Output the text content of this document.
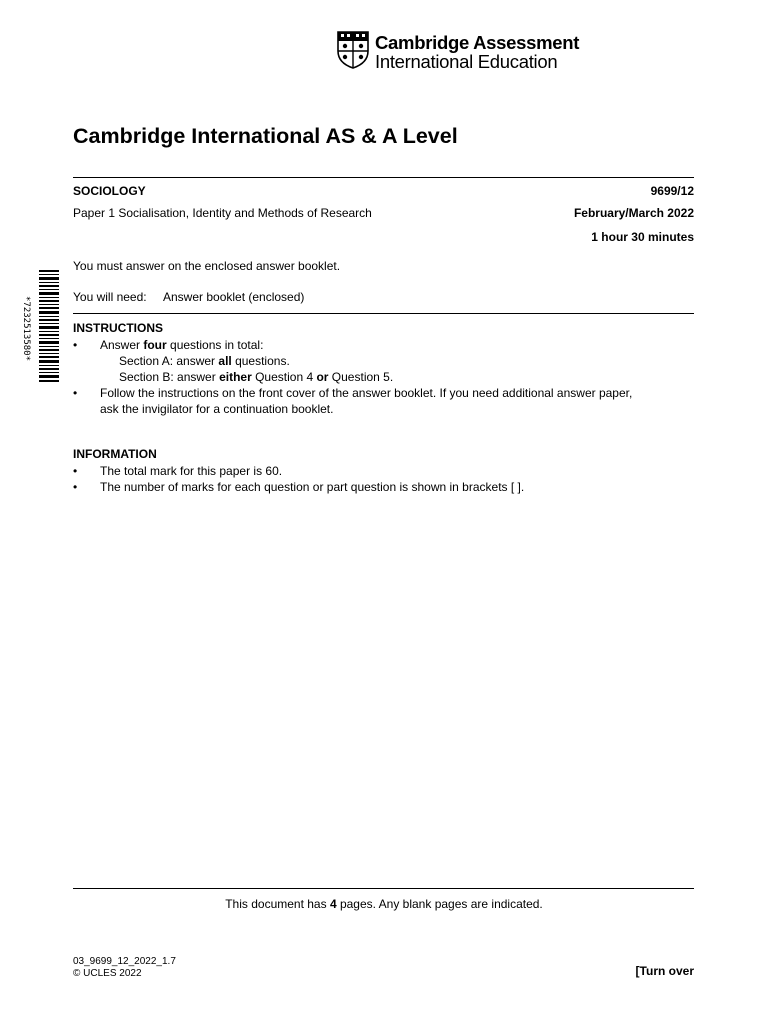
Cambridge Assessment
International Education
Cambridge International AS & A Level
SOCIOLOGY	9699/12
Paper 1 Socialisation, Identity and Methods of Research	February/March 2022
1 hour 30 minutes
*7232513580*
You must answer on the enclosed answer booklet.
You will need: Answer booklet (enclosed)
INSTRUCTIONS
• Answer four questions in total:
Section A: answer all questions.
Section B: answer either Question 4 or Question 5.
• Follow the instructions on the front cover of the answer booklet. If you need additional answer paper,
ask the invigilator for a continuation booklet.
INFORMATION
• The total mark for this paper is 60.
• The number of marks for each question or part question is shown in brackets [ ].
This document has 4 pages. Any blank pages are indicated.
03_9699_12_2022_1.7
© UCLES 2022	[Turn over
